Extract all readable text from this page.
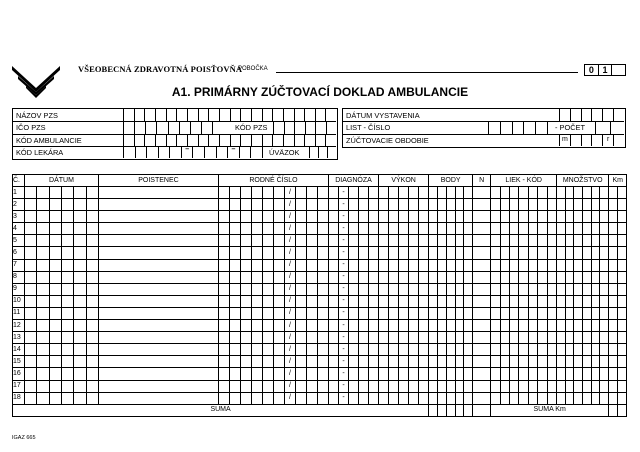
VŠEOBECNÁ ZDRAVOTNÁ POISŤOVŇA
POBOČKA	0 1
A1. PRIMÁRNY ZÚČTOVACÍ DOKLAD AMBULANCIE
NÁZOV PZS
IČO PZS	KÓD PZS
KÓD AMBULANCIE
KÓD LEKÁRA	–	–	ÚVÄZOK
DÁTUM VYSTAVENIA
LIST - ČÍSLO	- POČET
ZÚČTOVACIE OBDOBIE	m	r
Č.	DÁTUM						POISTENEC	RODNÉ ČÍSLO										DIAGNÓZA					VÝKON					BODY					N	LIEK - KÓD							MNOŽSTVO						Km	
1														/					-																													
2														/					-																													
3														/					-																													
4														/					-																													
5														/					-																													
6														/					-																													
7														/					-																													
8														/					-																													
9														/					-																													
10														/					-																													
11														/					-																													
12														/					-																													
13														/					-																													
14														/					-																													
15														/					-																													
16														/					-																													
17														/					-																													
18														/					-																													
SUMA																																		SUMA Km														
IGAZ 665
